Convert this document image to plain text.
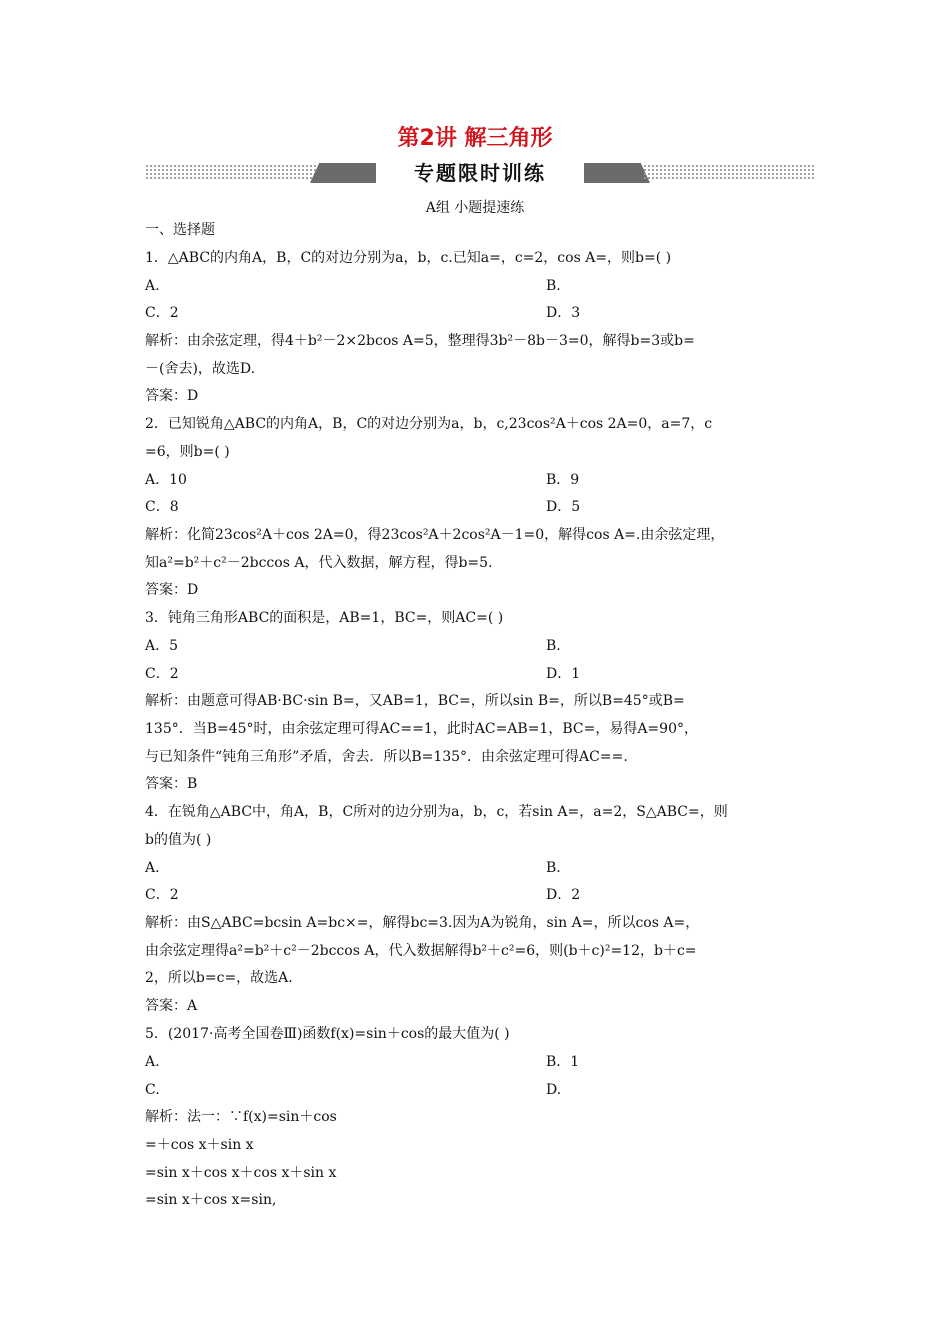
第2讲 解三角形
专题限时训练
A组 小题提速练
一、选择题
1．△ABC的内角A，B，C的对边分别为a，b，c.已知a=，c=2，cos A=，则b=( )
A.	B.
C．2	D．3
解析：由余弦定理，得4＋b²－2×2bcos A=5，整理得3b²－8b－3=0，解得b=3或b=
－(舍去)，故选D.
答案：D
2．已知锐角△ABC的内角A，B，C的对边分别为a，b，c,23cos²A＋cos 2A=0，a=7，c
=6，则b=( )
A．10	B．9
C．8	D．5
解析：化简23cos²A＋cos 2A=0，得23cos²A＋2cos²A－1=0，解得cos A=.由余弦定理，
知a²=b²＋c²－2bccos A，代入数据，解方程，得b=5.
答案：D
3．钝角三角形ABC的面积是，AB=1，BC=，则AC=( )
A．5	B.
C．2	D．1
解析：由题意可得AB·BC·sin B=，又AB=1，BC=，所以sin B=，所以B=45°或B=
135°．当B=45°时，由余弦定理可得AC==1，此时AC=AB=1，BC=，易得A=90°，
与已知条件“钝角三角形”矛盾，舍去．所以B=135°．由余弦定理可得AC==.
答案：B
4．在锐角△ABC中，角A，B，C所对的边分别为a，b，c，若sin A=，a=2，S△ABC=，则
b的值为( )
A.	B.
C．2	D．2
解析：由S△ABC=bcsin A=bc×=，解得bc=3.因为A为锐角，sin A=，所以cos A=，
由余弦定理得a²=b²＋c²－2bccos A，代入数据解得b²＋c²=6，则(b＋c)²=12，b＋c=
2，所以b=c=，故选A.
答案：A
5．(2017·高考全国卷Ⅲ)函数f(x)=sin＋cos的最大值为( )
A.	B．1
C.	D.
解析：法一：∵f(x)=sin＋cos
=＋cos x＋sin x
=sin x＋cos x＋cos x＋sin x
=sin x＋cos x=sin,
